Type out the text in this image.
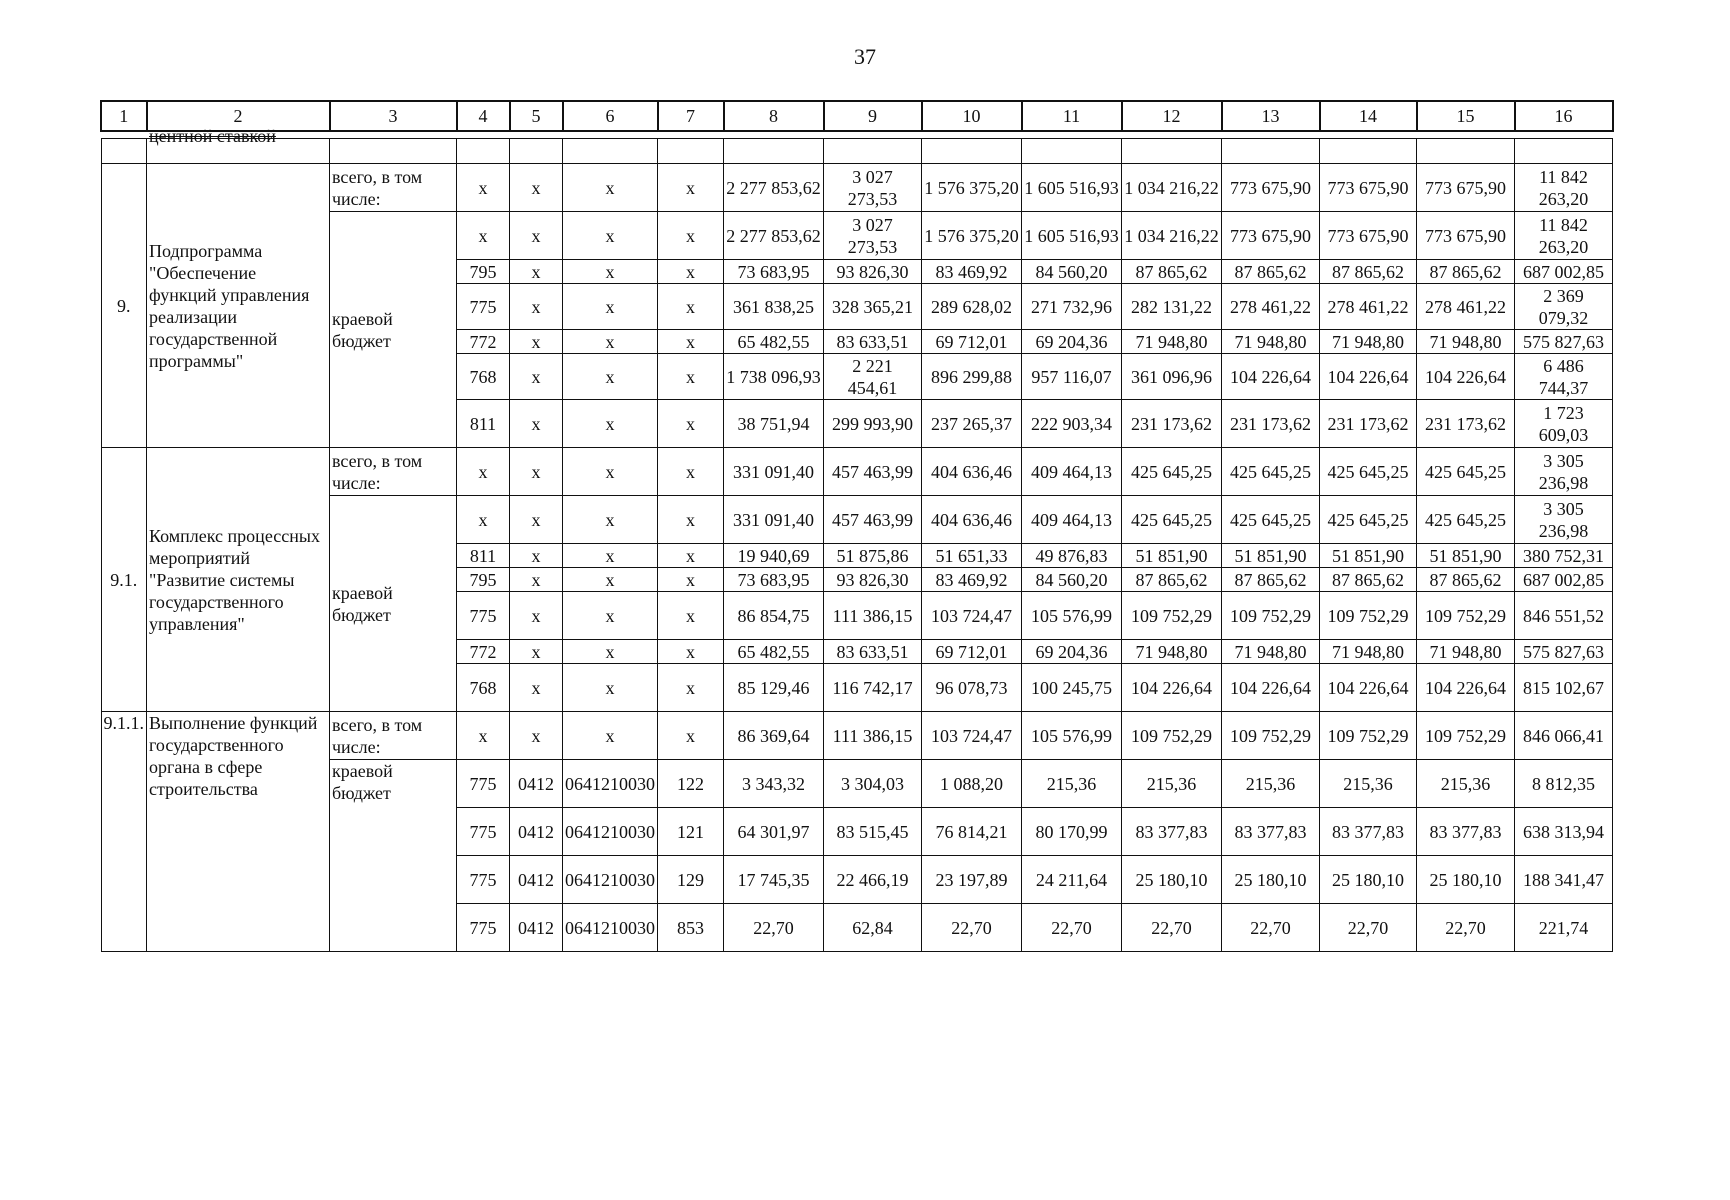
37
1	2	3	4	5	6	7	8	9	10	11	12	13	14	15	16

	центной ставкой														

9.	Подпрограмма "Обеспечение функций управления реализации государственной программы"	всего, в том числе:	x	x	x	x	2 277 853,62	3 027 273,53	1 576 375,20	1 605 516,93	1 034 216,22	773 675,90	773 675,90	773 675,90	11 842 263,20
		краевой бюджет	x	x	x	x	2 277 853,62	3 027 273,53	1 576 375,20	1 605 516,93	1 034 216,22	773 675,90	773 675,90	773 675,90	11 842 263,20
			795	x	x	x	73 683,95	93 826,30	83 469,92	84 560,20	87 865,62	87 865,62	87 865,62	87 865,62	687 002,85
			775	x	x	x	361 838,25	328 365,21	289 628,02	271 732,96	282 131,22	278 461,22	278 461,22	278 461,22	2 369 079,32
			772	x	x	x	65 482,55	83 633,51	69 712,01	69 204,36	71 948,80	71 948,80	71 948,80	71 948,80	575 827,63
			768	x	x	x	1 738 096,93	2 221 454,61	896 299,88	957 116,07	361 096,96	104 226,64	104 226,64	104 226,64	6 486 744,37
			811	x	x	x	38 751,94	299 993,90	237 265,37	222 903,34	231 173,62	231 173,62	231 173,62	231 173,62	1 723 609,03
9.1.	Комплекс процессных мероприятий "Развитие системы государственного управления"	всего, в том числе:	x	x	x	x	331 091,40	457 463,99	404 636,46	409 464,13	425 645,25	425 645,25	425 645,25	425 645,25	3 305 236,98
		краевой бюджет	x	x	x	x	331 091,40	457 463,99	404 636,46	409 464,13	425 645,25	425 645,25	425 645,25	425 645,25	3 305 236,98
			811	x	x	x	19 940,69	51 875,86	51 651,33	49 876,83	51 851,90	51 851,90	51 851,90	51 851,90	380 752,31
			795	x	x	x	73 683,95	93 826,30	83 469,92	84 560,20	87 865,62	87 865,62	87 865,62	87 865,62	687 002,85
			775	x	x	x	86 854,75	111 386,15	103 724,47	105 576,99	109 752,29	109 752,29	109 752,29	109 752,29	846 551,52
			772	x	x	x	65 482,55	83 633,51	69 712,01	69 204,36	71 948,80	71 948,80	71 948,80	71 948,80	575 827,63
			768	x	x	x	85 129,46	116 742,17	96 078,73	100 245,75	104 226,64	104 226,64	104 226,64	104 226,64	815 102,67
9.1.1.	Выполнение функций государственного органа в сфере строительства	всего, в том числе:	x	x	x	x	86 369,64	111 386,15	103 724,47	105 576,99	109 752,29	109 752,29	109 752,29	109 752,29	846 066,41
		краевой бюджет	775	0412	0641210030	122	3 343,32	3 304,03	1 088,20	215,36	215,36	215,36	215,36	215,36	8 812,35
			775	0412	0641210030	121	64 301,97	83 515,45	76 814,21	80 170,99	83 377,83	83 377,83	83 377,83	83 377,83	638 313,94
			775	0412	0641210030	129	17 745,35	22 466,19	23 197,89	24 211,64	25 180,10	25 180,10	25 180,10	25 180,10	188 341,47
			775	0412	0641210030	853	22,70	62,84	22,70	22,70	22,70	22,70	22,70	22,70	221,74
